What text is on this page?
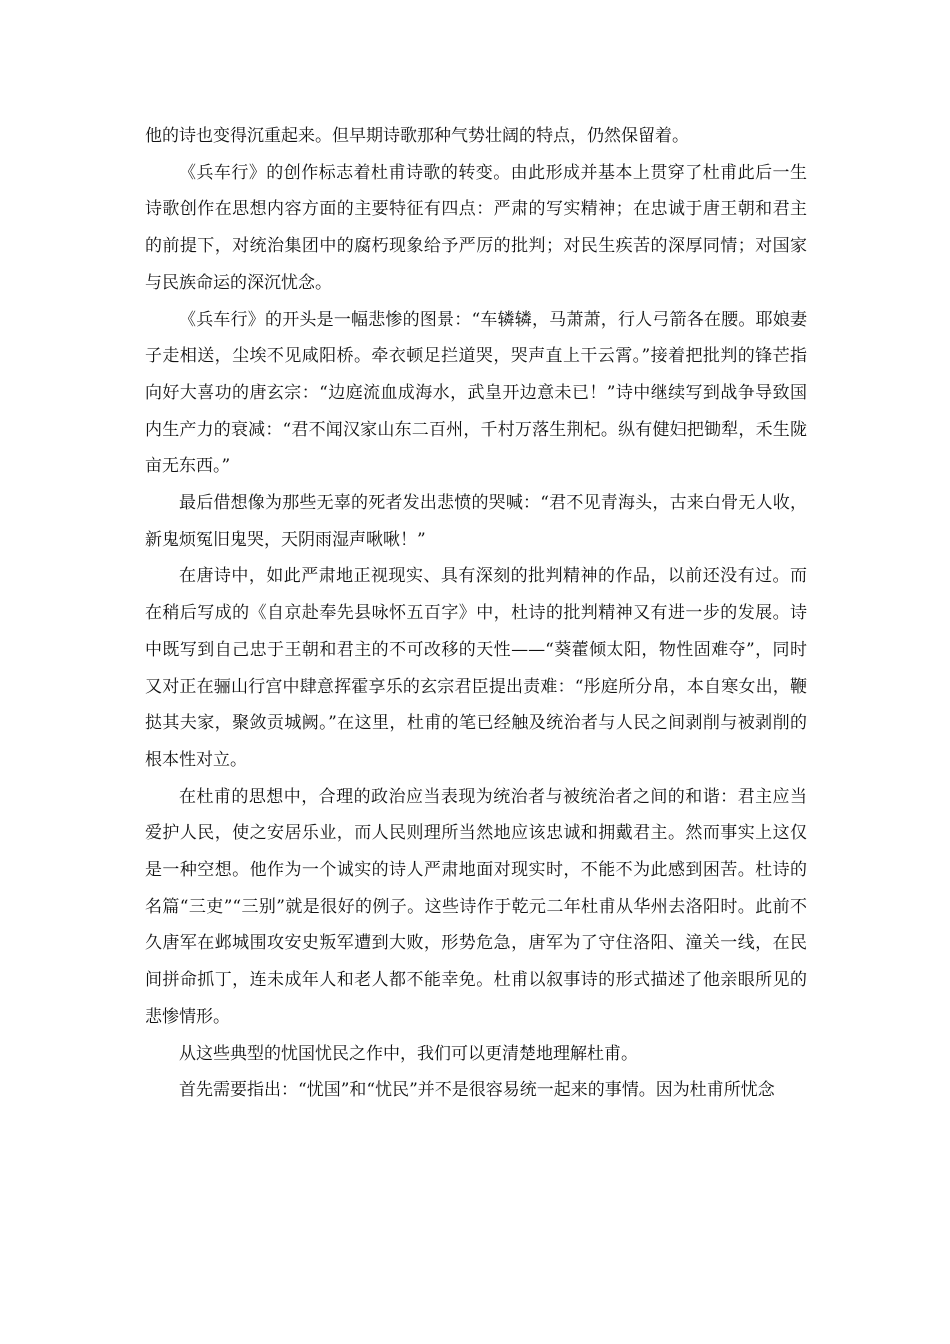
他的诗也变得沉重起来。但早期诗歌那种气势壮阔的特点，仍然保留着。

《兵车行》的创作标志着杜甫诗歌的转变。由此形成并基本上贯穿了杜甫此后一生诗歌创作在思想内容方面的主要特征有四点：严肃的写实精神；在忠诚于唐王朝和君主的前提下，对统治集团中的腐朽现象给予严厉的批判；对民生疾苦的深厚同情；对国家与民族命运的深沉忧念。

《兵车行》的开头是一幅悲惨的图景：“车辚辚，马萧萧，行人弓箭各在腰。耶娘妻子走相送，尘埃不见咸阳桥。牵衣顿足拦道哭，哭声直上干云霄。”接着把批判的锋芒指向好大喜功的唐玄宗：“边庭流血成海水，武皇开边意未已！”诗中继续写到战争导致国内生产力的衰减：“君不闻汉家山东二百州，千村万落生荆杞。纵有健妇把锄犁，禾生陇亩无东西。”

最后借想像为那些无辜的死者发出悲愤的哭喊：“君不见青海头，古来白骨无人收，新鬼烦冤旧鬼哭，天阴雨湿声啾啾！”

在唐诗中，如此严肃地正视现实、具有深刻的批判精神的作品，以前还没有过。而在稍后写成的《自京赴奉先县咏怀五百字》中，杜诗的批判精神又有进一步的发展。诗中既写到自己忠于王朝和君主的不可改移的天性——“葵藿倾太阳，物性固难夺”，同时又对正在骊山行宫中肆意挥霍享乐的玄宗君臣提出责难：“彤庭所分帛，本自寒女出，鞭挞其夫家，聚敛贡城阙。”在这里，杜甫的笔已经触及统治者与人民之间剥削与被剥削的根本性对立。

在杜甫的思想中，合理的政治应当表现为统治者与被统治者之间的和谐：君主应当爱护人民，使之安居乐业，而人民则理所当然地应该忠诚和拥戴君主。然而事实上这仅是一种空想。他作为一个诚实的诗人严肃地面对现实时，不能不为此感到困苦。杜诗的名篇“三吏”“三别”就是很好的例子。这些诗作于乾元二年杜甫从华州去洛阳时。此前不久唐军在邺城围攻安史叛军遭到大败，形势危急，唐军为了守住洛阳、潼关一线，在民间拼命抓丁，连未成年人和老人都不能幸免。杜甫以叙事诗的形式描述了他亲眼所见的悲惨情形。

从这些典型的忧国忧民之作中，我们可以更清楚地理解杜甫。

首先需要指出：“忧国”和“忧民”并不是很容易统一起来的事情。因为杜甫所忧念
